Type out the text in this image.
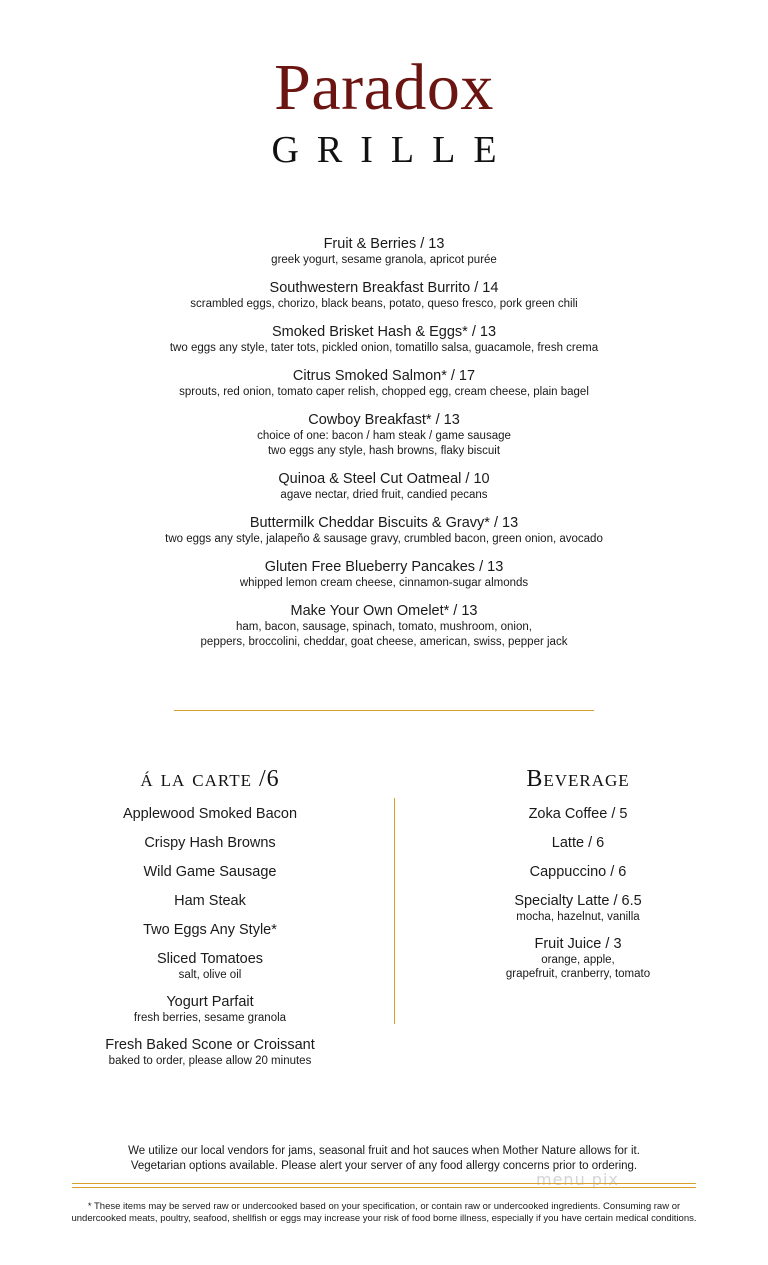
Paradox
GRILLE
Fruit & Berries / 13
greek yogurt, sesame granola, apricot purée
Southwestern Breakfast Burrito / 14
scrambled eggs, chorizo, black beans, potato, queso fresco, pork green chili
Smoked Brisket Hash & Eggs* / 13
two eggs any style, tater tots, pickled onion, tomatillo salsa, guacamole, fresh crema
Citrus Smoked Salmon* / 17
sprouts, red onion, tomato caper relish, chopped egg, cream cheese, plain bagel
Cowboy Breakfast* / 13
choice of one: bacon / ham steak / game sausage
two eggs any style, hash browns, flaky biscuit
Quinoa & Steel Cut Oatmeal / 10
agave nectar, dried fruit, candied pecans
Buttermilk Cheddar Biscuits & Gravy* / 13
two eggs any style, jalapeño & sausage gravy, crumbled bacon, green onion, avocado
Gluten Free Blueberry Pancakes / 13
whipped lemon cream cheese, cinnamon-sugar almonds
Make Your Own Omelet* / 13
ham, bacon, sausage, spinach, tomato, mushroom, onion,
peppers, broccolini, cheddar, goat cheese, american, swiss, pepper jack
á la carte /6
Applewood Smoked Bacon
Crispy Hash Browns
Wild Game Sausage
Ham Steak
Two Eggs Any Style*
Sliced Tomatoes
salt, olive oil
Yogurt Parfait
fresh berries, sesame granola
Fresh Baked Scone or Croissant
baked to order, please allow 20 minutes
Beverage
Zoka Coffee / 5
Latte / 6
Cappuccino / 6
Specialty Latte / 6.5
mocha, hazelnut, vanilla
Fruit Juice / 3
orange, apple,
grapefruit, cranberry, tomato
We utilize our local vendors for jams, seasonal fruit and hot sauces when Mother Nature allows for it.
Vegetarian options available. Please alert your server of any food allergy concerns prior to ordering.
menu pix
* These items may be served raw or undercooked based on your specification, or contain raw or undercooked ingredients. Consuming raw or
undercooked meats, poultry, seafood, shellfish or eggs may increase your risk of food borne illness, especially if you have certain medical conditions.
